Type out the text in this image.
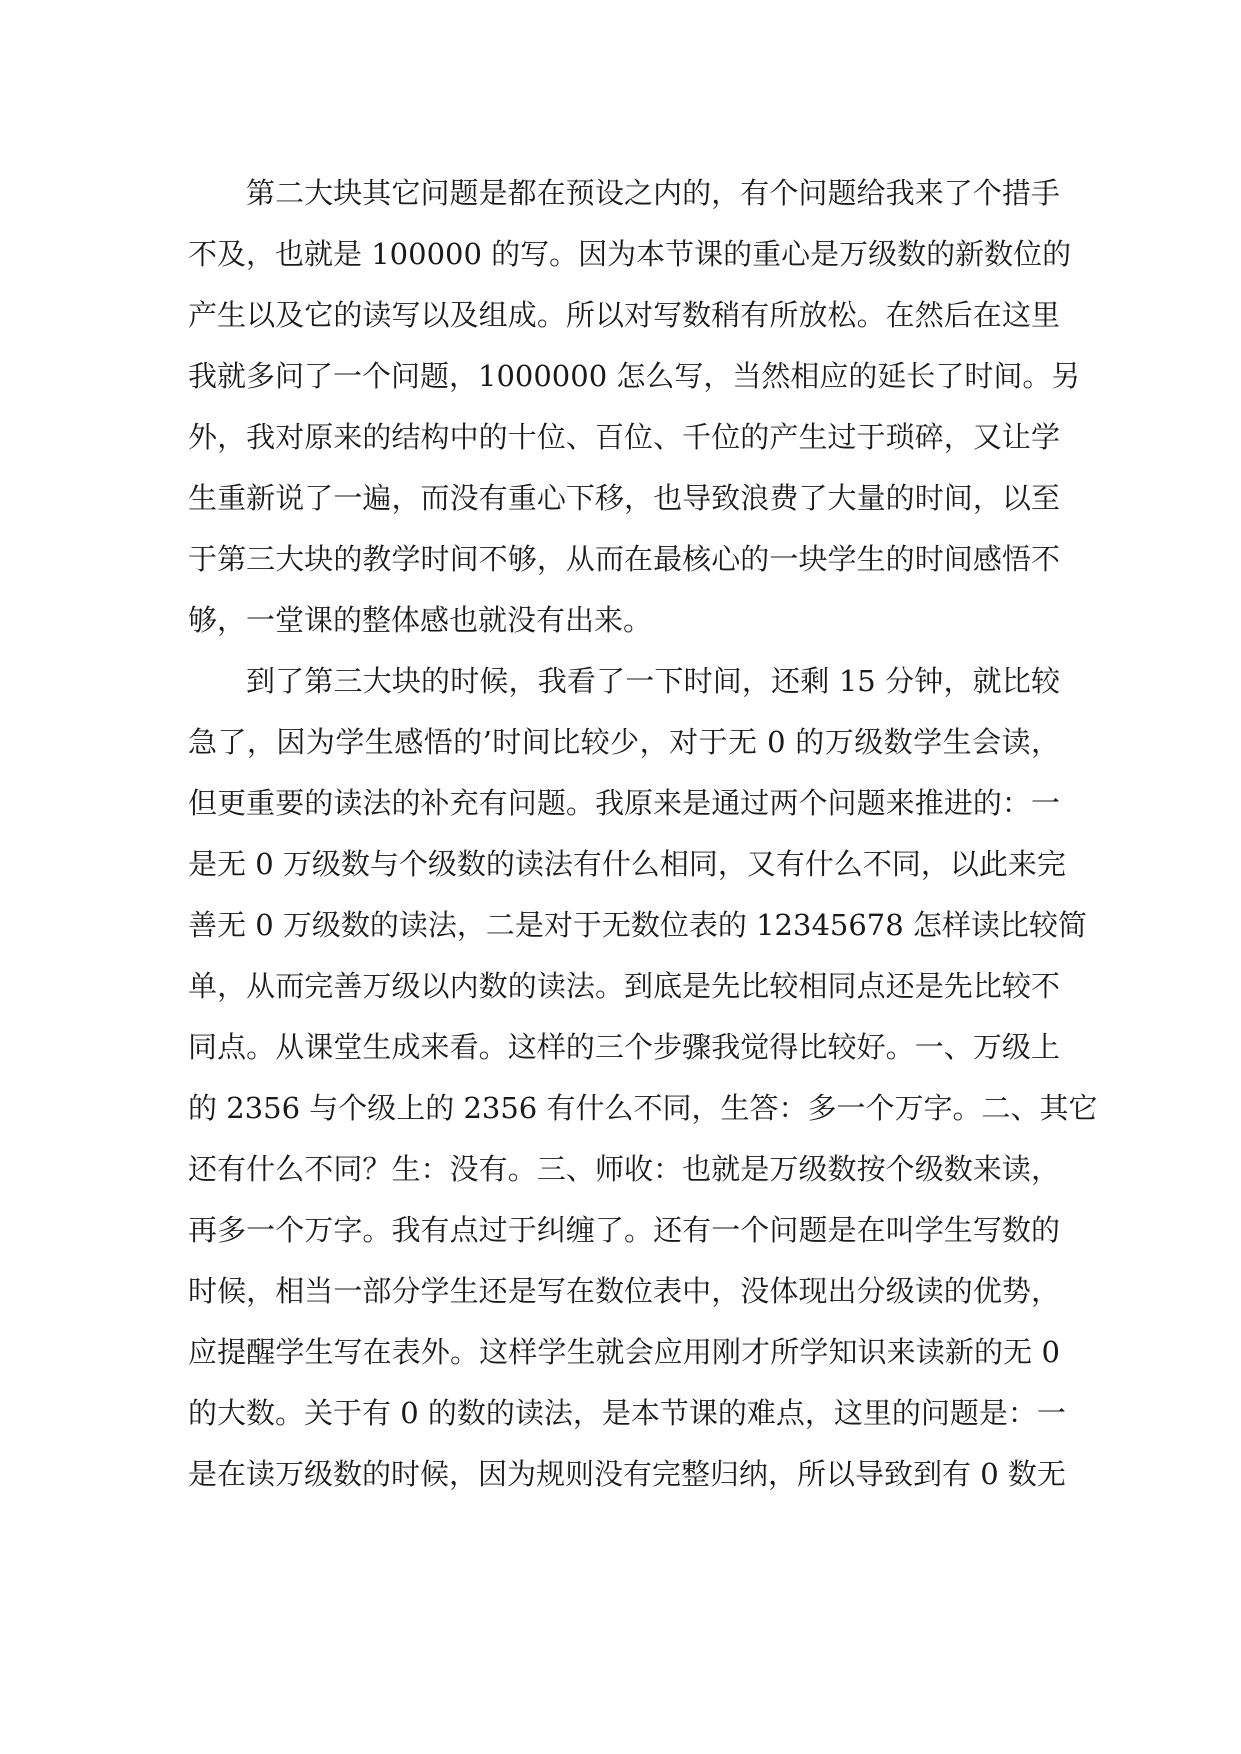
第二大块其它问题是都在预设之内的，有个问题给我来了个措手
不及，也就是 100000 的写。因为本节课的重心是万级数的新数位的
产生以及它的读写以及组成。所以对写数稍有所放松。在然后在这里
我就多问了一个问题，1000000 怎么写，当然相应的延长了时间。另
外，我对原来的结构中的十位、百位、千位的产生过于琐碎，又让学
生重新说了一遍，而没有重心下移，也导致浪费了大量的时间，以至
于第三大块的教学时间不够，从而在最核心的一块学生的时间感悟不
够，一堂课的整体感也就没有出来。
到了第三大块的时候，我看了一下时间，还剩 15 分钟，就比较
急了，因为学生感悟的’时间比较少，对于无 0 的万级数学生会读，
但更重要的读法的补充有问题。我原来是通过两个问题来推进的：一
是无 0 万级数与个级数的读法有什么相同，又有什么不同，以此来完
善无 0 万级数的读法，二是对于无数位表的 12345678 怎样读比较简
单，从而完善万级以内数的读法。到底是先比较相同点还是先比较不
同点。从课堂生成来看。这样的三个步骤我觉得比较好。一、万级上
的 2356 与个级上的 2356 有什么不同，生答：多一个万字。二、其它
还有什么不同？生：没有。三、师收：也就是万级数按个级数来读，
再多一个万字。我有点过于纠缠了。还有一个问题是在叫学生写数的
时候，相当一部分学生还是写在数位表中，没体现出分级读的优势，
应提醒学生写在表外。这样学生就会应用刚才所学知识来读新的无 0
的大数。关于有 0 的数的读法，是本节课的难点，这里的问题是：一
是在读万级数的时候，因为规则没有完整归纳，所以导致到有 0 数无
